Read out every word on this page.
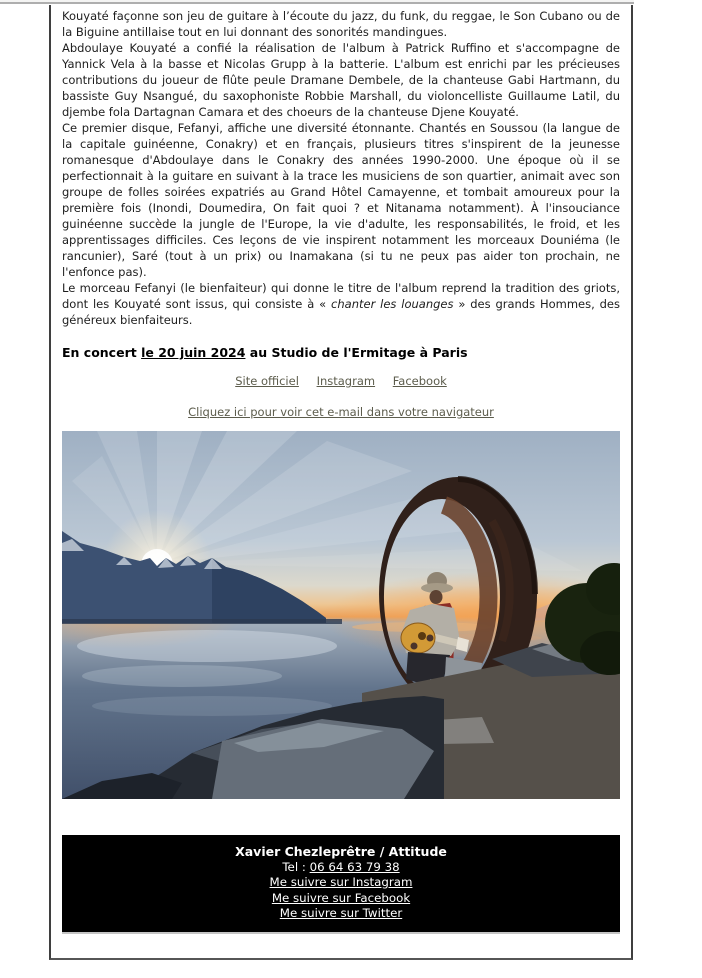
Kouyaté façonne son jeu de guitare à l’écoute du jazz, du funk, du reggae, le Son Cubano ou de la Biguine antillaise tout en lui donnant des sonorités mandingues.

Abdoulaye Kouyaté a confié la réalisation de l'album à Patrick Ruffino et s'accompagne de Yannick Vela à la basse et Nicolas Grupp à la batterie. L'album est enrichi par les précieuses contributions du joueur de flûte peule Dramane Dembele, de la chanteuse Gabi Hartmann, du bassiste Guy Nsangué, du saxophoniste Robbie Marshall, du violoncelliste Guillaume Latil, du djembe fola Dartagnan Camara et des choeurs de la chanteuse Djene Kouyaté.

Ce premier disque, Fefanyi, affiche une diversité étonnante. Chantés en Soussou (la langue de la capitale guinéenne, Conakry) et en français, plusieurs titres s'inspirent de la jeunesse romanesque d'Abdoulaye dans le Conakry des années 1990-2000. Une époque où il se perfectionnait à la guitare en suivant à la trace les musiciens de son quartier, animait avec son groupe de folles soirées expatriés au Grand Hôtel Camayenne, et tombait amoureux pour la première fois (Inondi, Doumedira, On fait quoi ? et Nitanama notamment). À l'insouciance guinéenne succède la jungle de l'Europe, la vie d'adulte, les responsabilités, le froid, et les apprentissages difficiles. Ces leçons de vie inspirent notamment les morceaux Douniéma (le rancunier), Saré (tout à un prix) ou Inamakana (si tu ne peux pas aider ton prochain, ne l'enfonce pas).

Le morceau Fefanyi (le bienfaiteur) qui donne le titre de l'album reprend la tradition des griots, dont les Kouyaté sont issus, qui consiste à « chanter les louanges » des grands Hommes, des généreux bienfaiteurs.

En concert le 20 juin 2024 au Studio de l'Ermitage à Paris

Site officiel Instagram Facebook
Cliquez ici pour voir cet e-mail dans votre navigateur
Xavier Chezleprêtre / Attitude
Tel : 06 64 63 79 38
Me suivre sur Instagram
Me suivre sur Facebook
Me suivre sur Twitter
